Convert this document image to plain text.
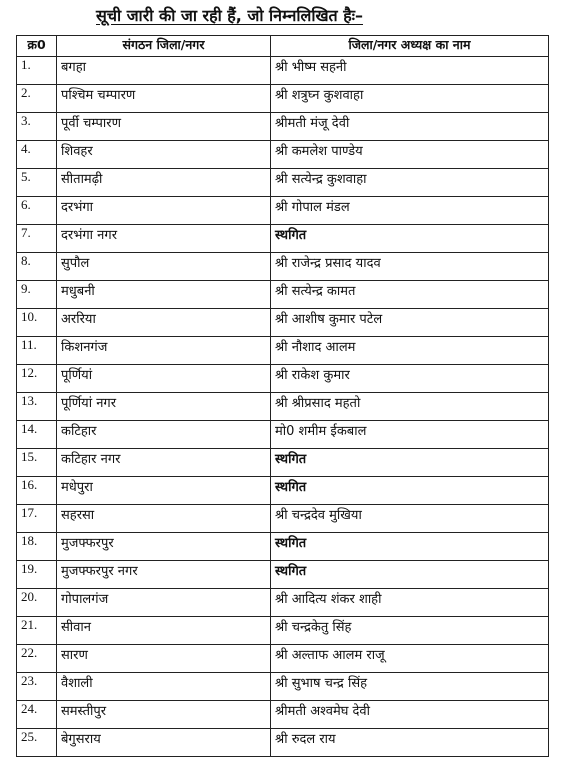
सूची जारी की जा रही हैं, जो निम्नलिखित हैः–
क्र0	संगठन जिला/नगर	जिला/नगर अध्यक्ष का नाम
1.	बगहा	श्री भीष्म सहनी
2.	पश्चिम चम्पारण	श्री शत्रुघ्न कुशवाहा
3.	पूर्वी चम्पारण	श्रीमती मंजू देवी
4.	शिवहर	श्री कमलेश पाण्डेय
5.	सीतामढ़ी	श्री सत्येन्द्र कुशवाहा
6.	दरभंगा	श्री गोपाल मंडल
7.	दरभंगा नगर	स्थगित
8.	सुपौल	श्री राजेन्द्र प्रसाद यादव
9.	मधुबनी	श्री सत्येन्द्र कामत
10.	अररिया	श्री आशीष कुमार पटेल
11.	किशनगंज	श्री नौशाद आलम
12.	पूर्णियां	श्री राकेश कुमार
13.	पूर्णियां नगर	श्री श्रीप्रसाद महतो
14.	कटिहार	मो0 शमीम ईकबाल
15.	कटिहार नगर	स्थगित
16.	मधेपुरा	स्थगित
17.	सहरसा	श्री चन्द्रदेव मुखिया
18.	मुजफ्फरपुर	स्थगित
19.	मुजफ्फरपुर नगर	स्थगित
20.	गोपालगंज	श्री आदित्य शंकर शाही
21.	सीवान	श्री चन्द्रकेतु सिंह
22.	सारण	श्री अल्ताफ आलम राजू
23.	वैशाली	श्री सुभाष चन्द्र सिंह
24.	समस्तीपुर	श्रीमती अश्वमेघ देवी
25.	बेगुसराय	श्री रुदल राय
